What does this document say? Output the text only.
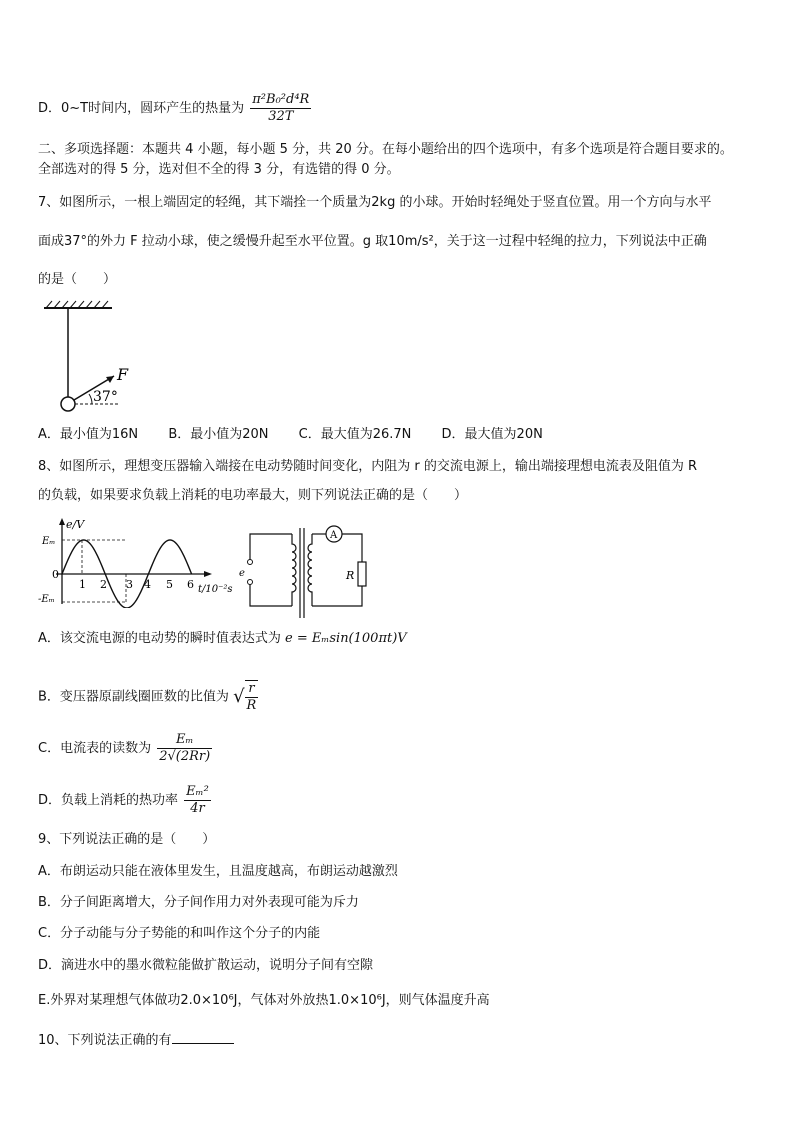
D．0~T时间内，圆环产生的热量为 $\frac{\text{π²B₀²d⁴R}}{32T}$
二、多项选择题：本题共 4 小题，每小题 5 分，共 20 分。在每小题给出的四个选项中，有多个选项是符合题目要求的。
全部选对的得 5 分，选对但不全的得 3 分，有选错的得 0 分。
7、如图所示，一根上端固定的轻绳，其下端拴一个质量为2kg 的小球。开始时轻绳处于竖直位置。用一个方向与水平
面成37°的外力 F 拉动小球，使之缓慢升起至水平位置。g 取10m/s²，关于这一过程中轻绳的拉力，下列说法中正确
的是（　　）
F
37°
A．最小值为16N B．最小值为20N C．最大值为26.7N D．最大值为20N
8、如图所示，理想变压器输入端接在电动势随时间变化，内阻为 r 的交流电源上，输出端接理想电流表及阻值为 R
的负载，如果要求负载上消耗的电功率最大，则下列说法正确的是（　　）
e/V
Eₘ
-Eₘ
0
1 2 3 4 5 6 t/10⁻²s
e
A
R
A．该交流电源的电动势的瞬时值表达式为 e = Eₘsin(100πt)V
B．变压器原副线圈匝数的比值为 √ $\frac{r}{R}$
C．电流表的读数为 $\frac{\text{Eₘ}}{2√(2Rr)}$
D．负载上消耗的热功率 $\frac{\text{Eₘ²}}{4r}$
9、下列说法正确的是（　　）
A．布朗运动只能在液体里发生，且温度越高，布朗运动越激烈
B．分子间距离增大，分子间作用力对外表现可能为斥力
C．分子动能与分子势能的和叫作这个分子的内能
D．滴进水中的墨水微粒能做扩散运动，说明分子间有空隙
E.外界对某理想气体做功2.0×10⁶J，气体对外放热1.0×10⁶J，则气体温度升高
10、下列说法正确的有
